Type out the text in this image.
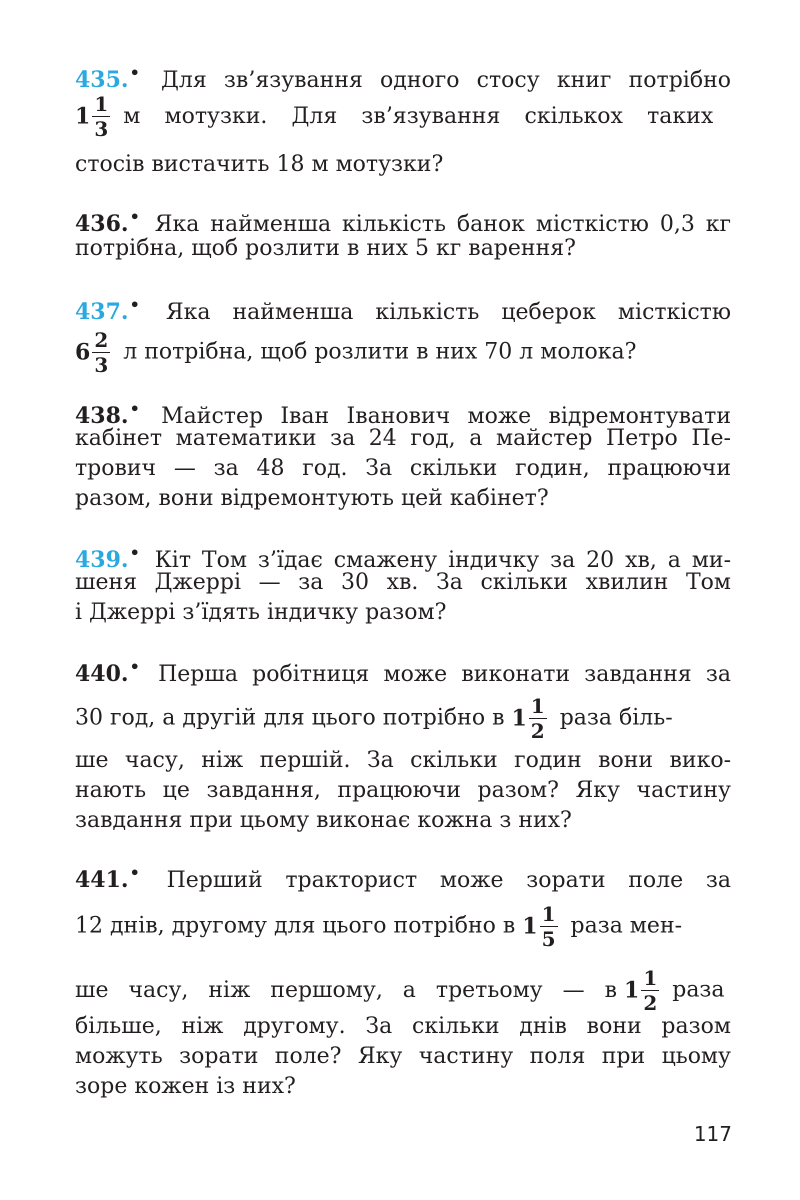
435.• Для зв’язування одного стосу книг потрібно
$1 \frac{1}{3}$ м мотузки. Для зв’язування скількох таких
стосів вистачить 18 м мотузки?
436.• Яка найменша кількість банок місткістю 0,3 кг
потрібна, щоб розлити в них 5 кг варення?
437.• Яка найменша кількість цеберок місткістю
$6 \frac{2}{3}$ л потрібна, щоб розлити в них 70 л молока?
438.• Майстер Іван Іванович може відремонтувати
кабінет математики за 24 год, а майстер Петро Пе-
трович — за 48 год. За скільки годин, працюючи
разом, вони відремонтують цей кабінет?
439.• Кіт Том з’їдає смажену індичку за 20 хв, а ми-
шеня Джеррі — за 30 хв. За скільки хвилин Том
і Джеррі з’їдять індичку разом?
440.• Перша робітниця може виконати завдання за
30 год, а другій для цього потрібно в $1 \frac{1}{2}$ раза біль-
ше часу, ніж першій. За скільки годин вони вико-
нають це завдання, працюючи разом? Яку частину
завдання при цьому виконає кожна з них?
441.• Перший тракторист може зорати поле за
12 днів, другому для цього потрібно в $1 \frac{1}{5}$ раза мен-
ше часу, ніж першому, а третьому — в $1 \frac{1}{2}$ раза
більше, ніж другому. За скільки днів вони разом
можуть зорати поле? Яку частину поля при цьому
зоре кожен із них?
117
